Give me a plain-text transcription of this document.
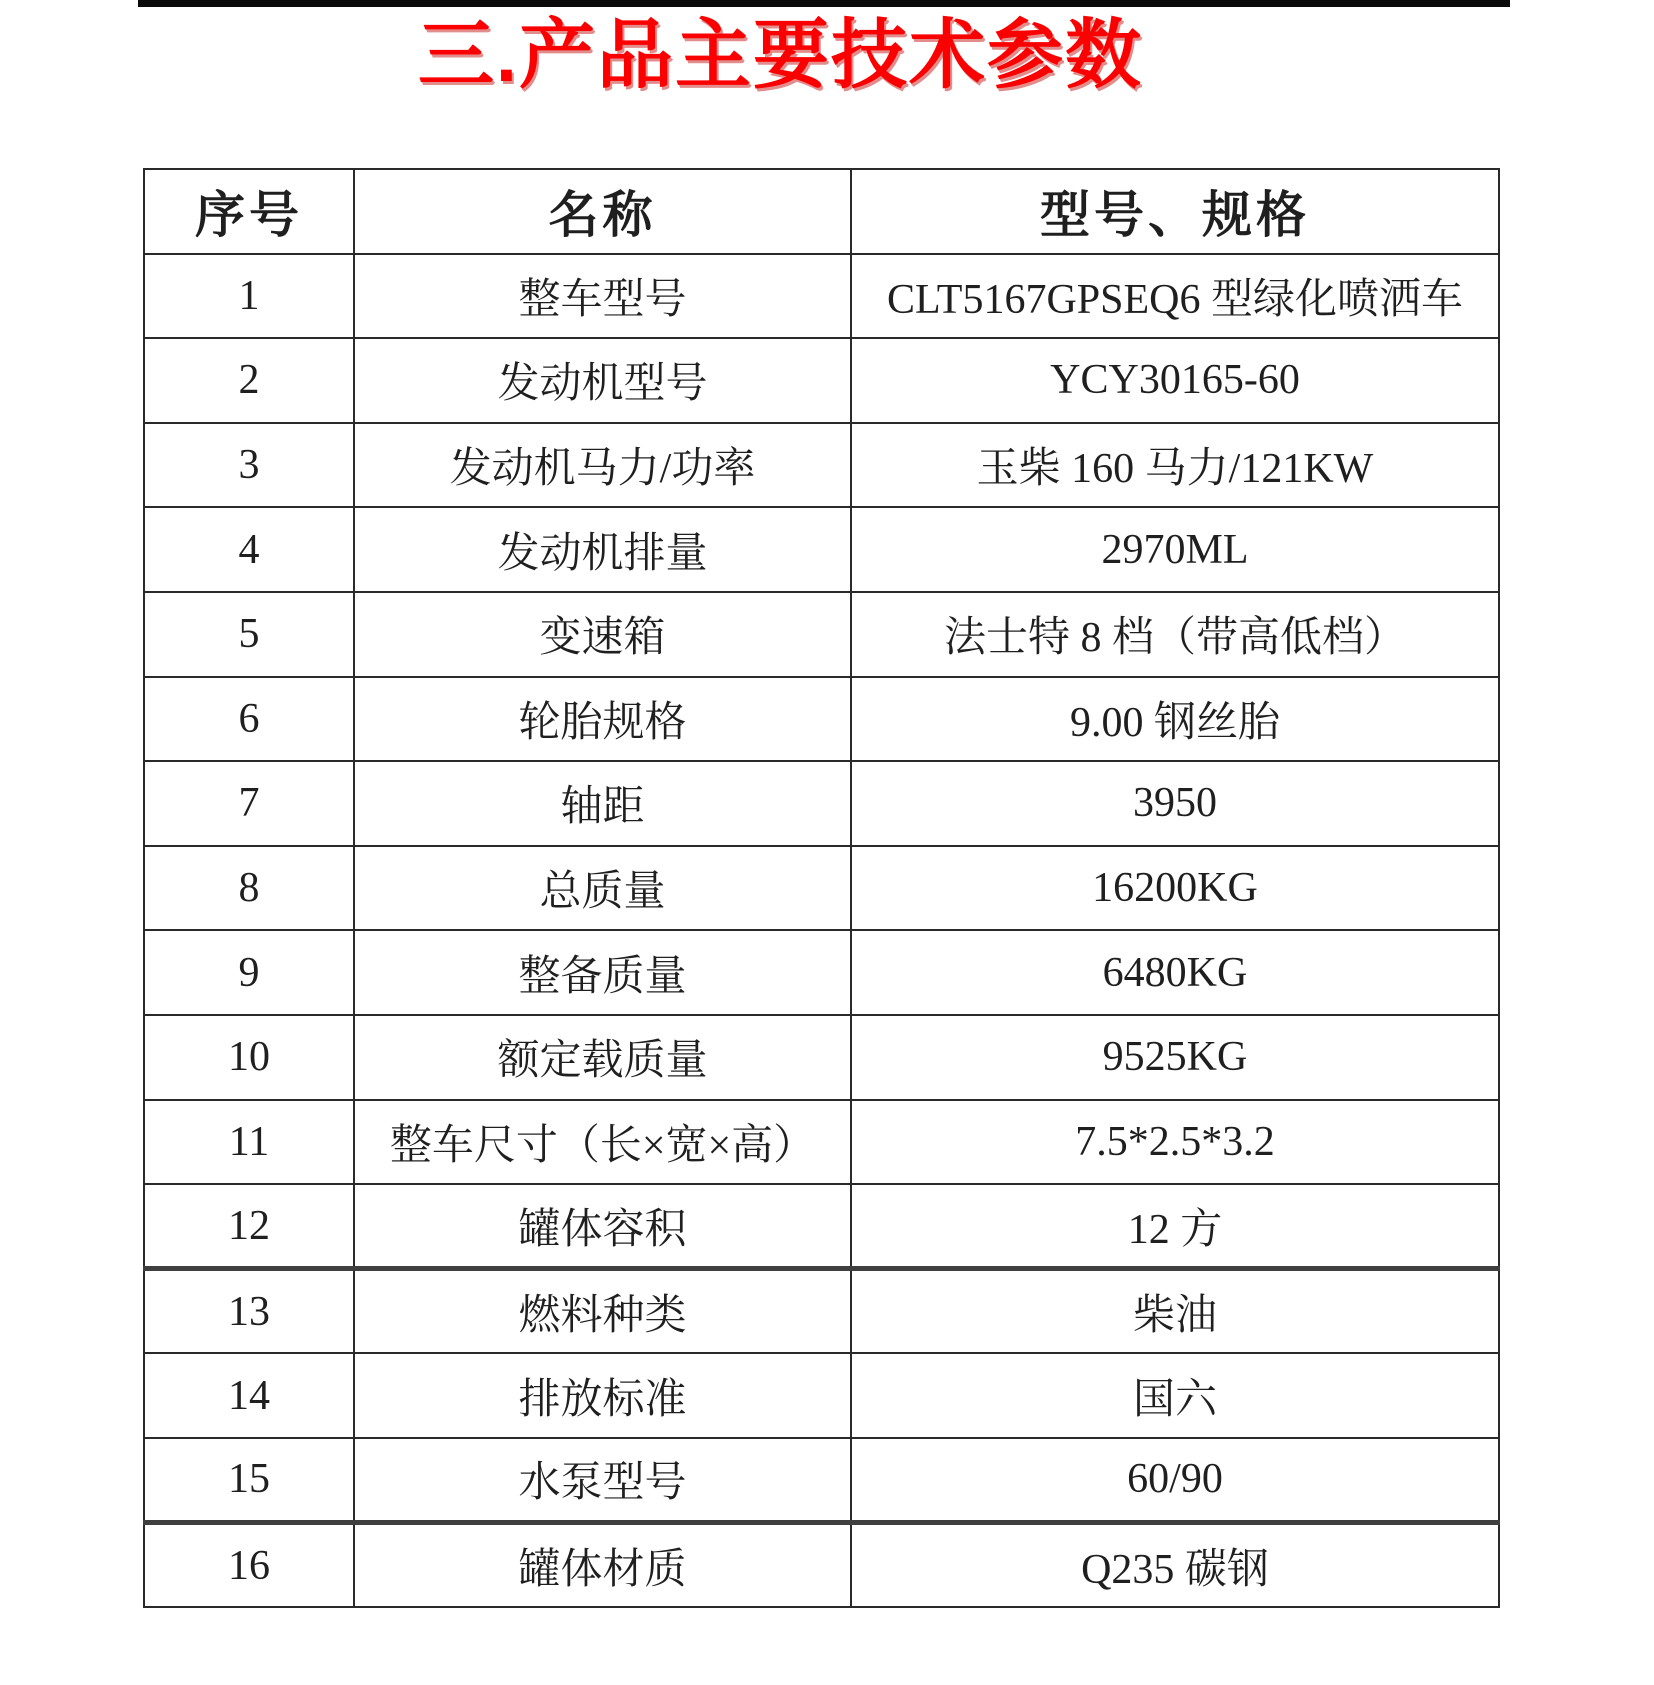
三.产品主要技术参数
序号	名称	型号、规格
1	整车型号	CLT5167GPSEQ6 型绿化喷洒车
2	发动机型号	YCY30165-60
3	发动机马力/功率	玉柴 160 马力/121KW
4	发动机排量	2970ML
5	变速箱	法士特 8 档（带高低档）
6	轮胎规格	9.00 钢丝胎
7	轴距	3950
8	总质量	16200KG
9	整备质量	6480KG
10	额定载质量	9525KG
11	整车尺寸（长×宽×高）	7.5*2.5*3.2
12	罐体容积	12 方
13	燃料种类	柴油
14	排放标准	国六
15	水泵型号	60/90
16	罐体材质	Q235 碳钢
